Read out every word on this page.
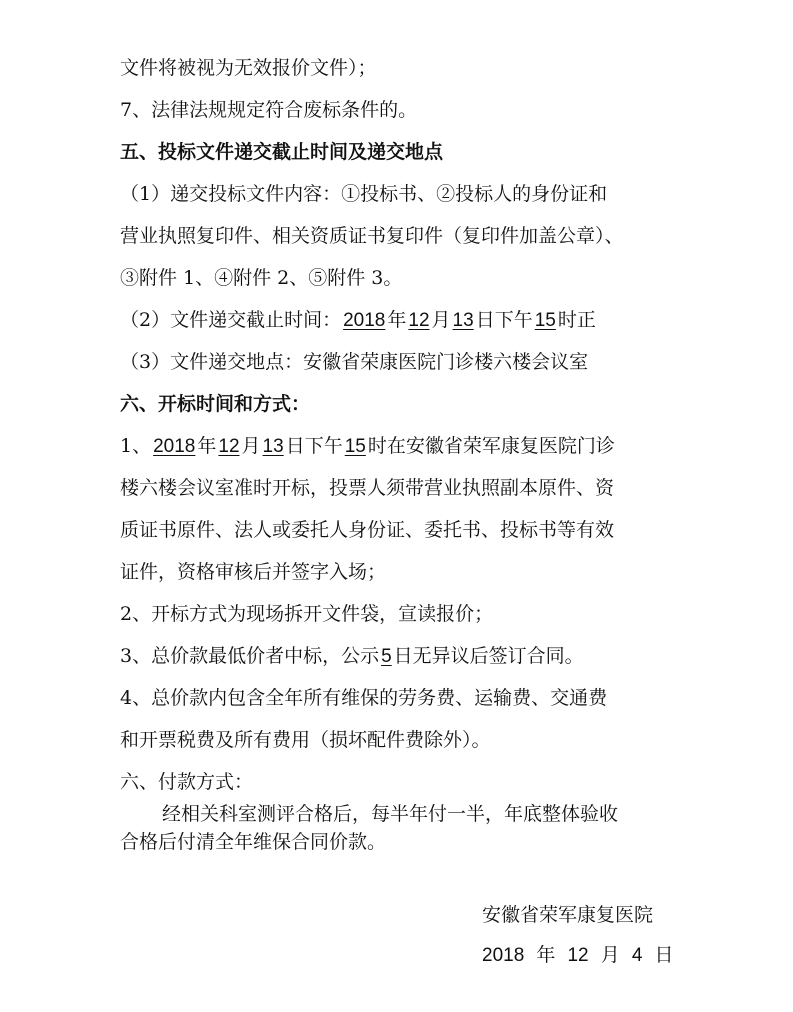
文件将被视为无效报价文件）；
7、法律法规规定符合废标条件的。
五、投标文件递交截止时间及递交地点
（1）递交投标文件内容：①投标书、②投标人的身份证和
营业执照复印件、相关资质证书复印件（复印件加盖公章）、
③附件 1、④附件 2、⑤附件 3。
（2）文件递交截止时间： 2018 年 12 月 13 日下午 15 时正
（3）文件递交地点：安徽省荣康医院门诊楼六楼会议室
六、开标时间和方式：
1、 2018 年 12 月 13 日下午 15 时在安徽省荣军康复医院门诊
楼六楼会议室准时开标，投票人须带营业执照副本原件、资
质证书原件、法人或委托人身份证、委托书、投标书等有效
证件，资格审核后并签字入场；
2、开标方式为现场拆开文件袋，宣读报价；
3、总价款最低价者中标，公示 5 日无异议后签订合同。
4、总价款内包含全年所有维保的劳务费、运输费、交通费
和开票税费及所有费用（损坏配件费除外）。
六、付款方式：
经相关科室测评合格后，每半年付一半，年底整体验收
合格后付清全年维保合同价款。
安徽省荣军康复医院
2018 年 12 月 4 日
